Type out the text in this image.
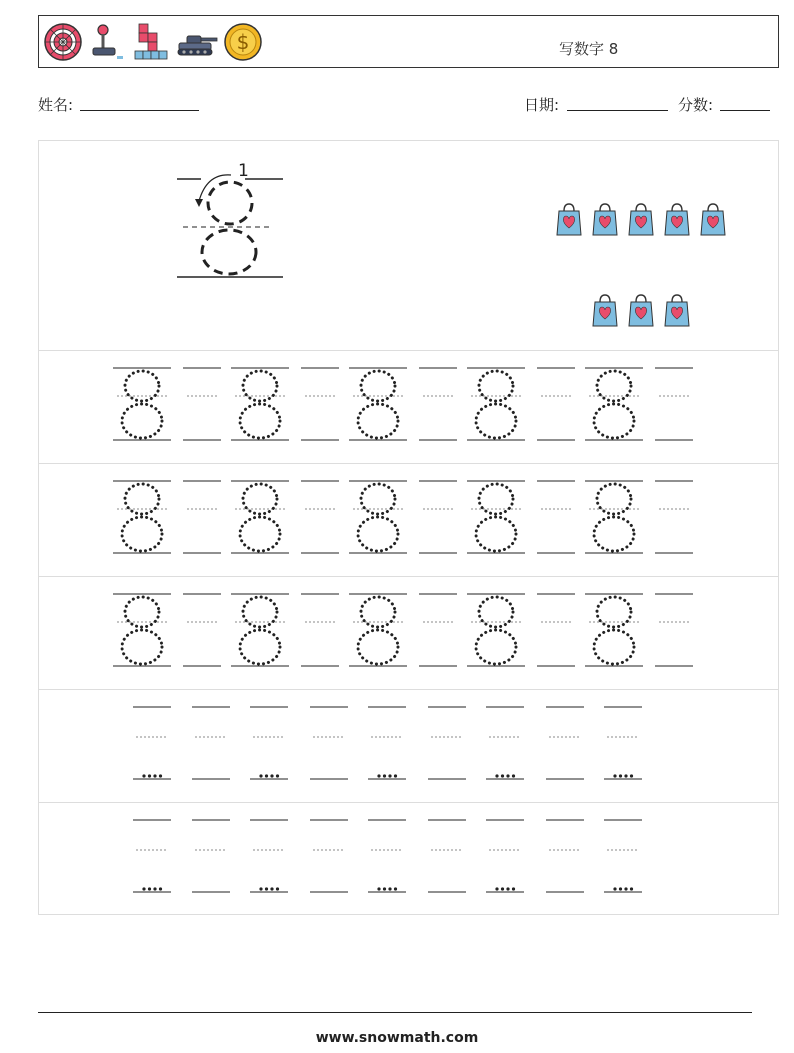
$	写数字 8
姓名:	日期:	分数:
1
www.snowmath.com
